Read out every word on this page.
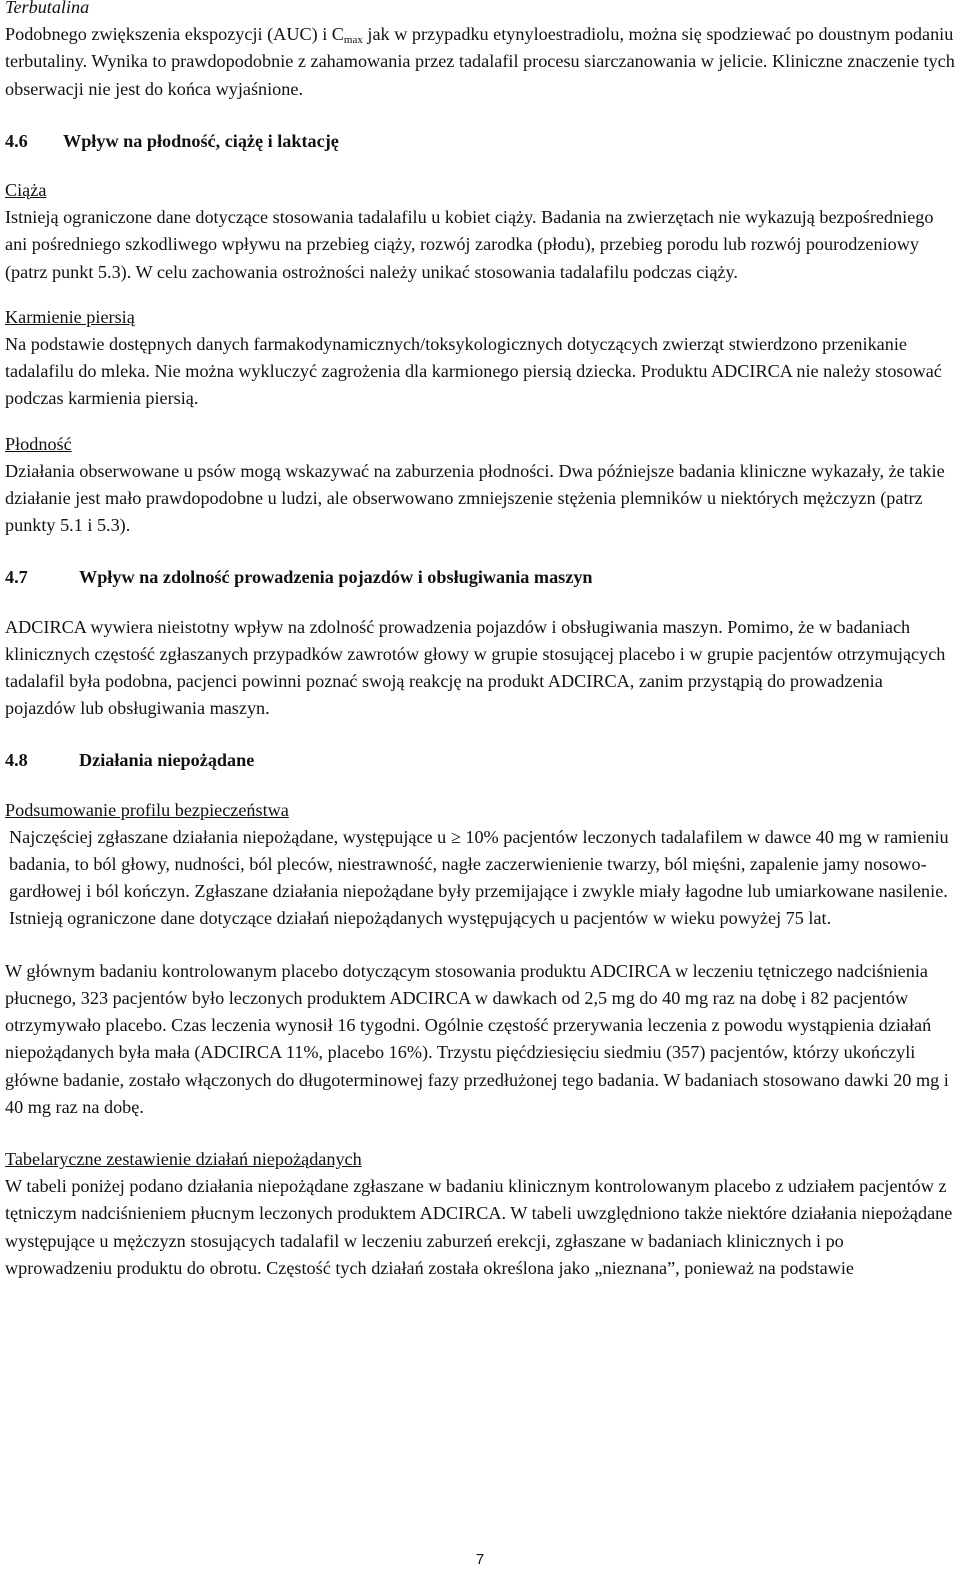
Terbutalina

Podobnego zwiększenia ekspozycji (AUC) i $C_{max}$ jak w przypadku etynyloestradiolu, można się spodziewać po doustnym podaniu terbutaliny. Wynika to prawdopodobnie z zahamowania przez tadalafil procesu siarczanowania w jelicie. Kliniczne znaczenie tych obserwacji nie jest do końca wyjaśnione.

4.6 Wpływ na płodność, ciążę i laktację

Ciąża

Istnieją ograniczone dane dotyczące stosowania tadalafilu u kobiet ciąży. Badania na zwierzętach nie wykazują bezpośredniego ani pośredniego szkodliwego wpływu na przebieg ciąży, rozwój zarodka (płodu), przebieg porodu lub rozwój pourodzeniowy (patrz punkt 5.3). W celu zachowania ostrożności należy unikać stosowania tadalafilu podczas ciąży.

Karmienie piersią

Na podstawie dostępnych danych farmakodynamicznych/toksykologicznych dotyczących zwierząt stwierdzono przenikanie tadalafilu do mleka. Nie można wykluczyć zagrożenia dla karmionego piersią dziecka. Produktu ADCIRCA nie należy stosować podczas karmienia piersią.

Płodność

Działania obserwowane u psów mogą wskazywać na zaburzenia płodności. Dwa późniejsze badania kliniczne wykazały, że takie działanie jest mało prawdopodobne u ludzi, ale obserwowano zmniejszenie stężenia plemników u niektórych mężczyzn (patrz punkty 5.1 i 5.3).

4.7	Wpływ na zdolność prowadzenia pojazdów i obsługiwania maszyn

ADCIRCA wywiera nieistotny wpływ na zdolność prowadzenia pojazdów i obsługiwania maszyn. Pomimo, że w badaniach klinicznych częstość zgłaszanych przypadków zawrotów głowy w grupie stosującej placebo i w grupie pacjentów otrzymujących tadalafil była podobna, pacjenci powinni poznać swoją reakcję na produkt ADCIRCA, zanim przystąpią do prowadzenia pojazdów lub obsługiwania maszyn.

4.8	Działania niepożądane

Podsumowanie profilu bezpieczeństwa

Najczęściej zgłaszane działania niepożądane, występujące u ≥ 10% pacjentów leczonych tadalafilem w dawce 40 mg w ramieniu badania, to ból głowy, nudności, ból pleców, niestrawność, nagłe zaczerwienienie twarzy, ból mięśni, zapalenie jamy nosowo-gardłowej i ból kończyn. Zgłaszane działania niepożądane były przemijające i zwykle miały łagodne lub umiarkowane nasilenie. Istnieją ograniczone dane dotyczące działań niepożądanych występujących u pacjentów w wieku powyżej 75 lat.

W głównym badaniu kontrolowanym placebo dotyczącym stosowania produktu ADCIRCA w leczeniu tętniczego nadciśnienia płucnego, 323 pacjentów było leczonych produktem ADCIRCA w dawkach od 2,5 mg do 40 mg raz na dobę i 82 pacjentów otrzymywało placebo. Czas leczenia wynosił 16 tygodni. Ogólnie częstość przerywania leczenia z powodu wystąpienia działań niepożądanych była mała (ADCIRCA 11%, placebo 16%). Trzystu pięćdziesięciu siedmiu (357) pacjentów, którzy ukończyli główne badanie, zostało włączonych do długoterminowej fazy przedłużonej tego badania. W badaniach stosowano dawki 20 mg i 40 mg raz na dobę.

Tabelaryczne zestawienie działań niepożądanych

W tabeli poniżej podano działania niepożądane zgłaszane w badaniu klinicznym kontrolowanym placebo z udziałem pacjentów z tętniczym nadciśnieniem płucnym leczonych produktem ADCIRCA. W tabeli uwzględniono także niektóre działania niepożądane występujące u mężczyzn stosujących tadalafil w leczeniu zaburzeń erekcji, zgłaszane w badaniach klinicznych i po wprowadzeniu produktu do obrotu. Częstość tych działań została określona jako „nieznana”, ponieważ na podstawie

7
